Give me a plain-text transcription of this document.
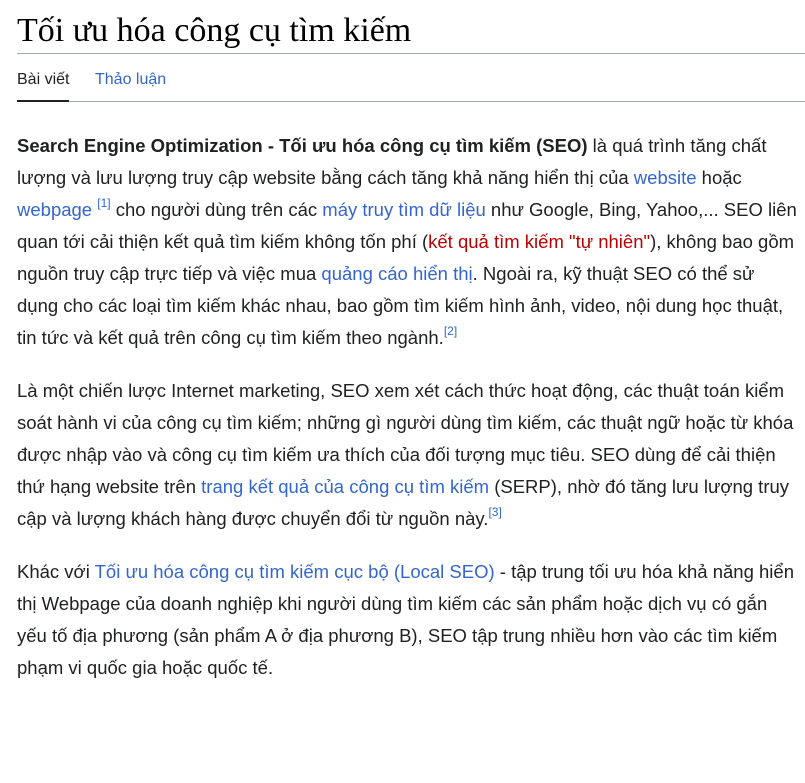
Tối ưu hóa công cụ tìm kiếm
Bài viết Thảo luận

Search Engine Optimization - Tối ưu hóa công cụ tìm kiếm (SEO) là quá trình tăng chất lượng và lưu lượng truy cập website bằng cách tăng khả năng hiển thị của website hoặc webpage [1] cho người dùng trên các máy truy tìm dữ liệu như Google, Bing, Yahoo,... SEO liên quan tới cải thiện kết quả tìm kiếm không tốn phí (kết quả tìm kiếm "tự nhiên"), không bao gồm nguồn truy cập trực tiếp và việc mua quảng cáo hiển thị. Ngoài ra, kỹ thuật SEO có thể sử dụng cho các loại tìm kiếm khác nhau, bao gồm tìm kiếm hình ảnh, video, nội dung học thuật, tin tức và kết quả trên công cụ tìm kiếm theo ngành.[2]

Là một chiến lược Internet marketing, SEO xem xét cách thức hoạt động, các thuật toán kiểm soát hành vi của công cụ tìm kiếm; những gì người dùng tìm kiếm, các thuật ngữ hoặc từ khóa được nhập vào và công cụ tìm kiếm ưa thích của đối tượng mục tiêu. SEO dùng để cải thiện thứ hạng website trên trang kết quả của công cụ tìm kiếm (SERP), nhờ đó tăng lưu lượng truy cập và lượng khách hàng được chuyển đổi từ nguồn này.[3]

Khác với Tối ưu hóa công cụ tìm kiếm cục bộ (Local SEO) - tập trung tối ưu hóa khả năng hiển thị Webpage của doanh nghiệp khi người dùng tìm kiếm các sản phẩm hoặc dịch vụ có gắn yếu tố địa phương (sản phẩm A ở địa phương B), SEO tập trung nhiều hơn vào các tìm kiếm phạm vi quốc gia hoặc quốc tế.
